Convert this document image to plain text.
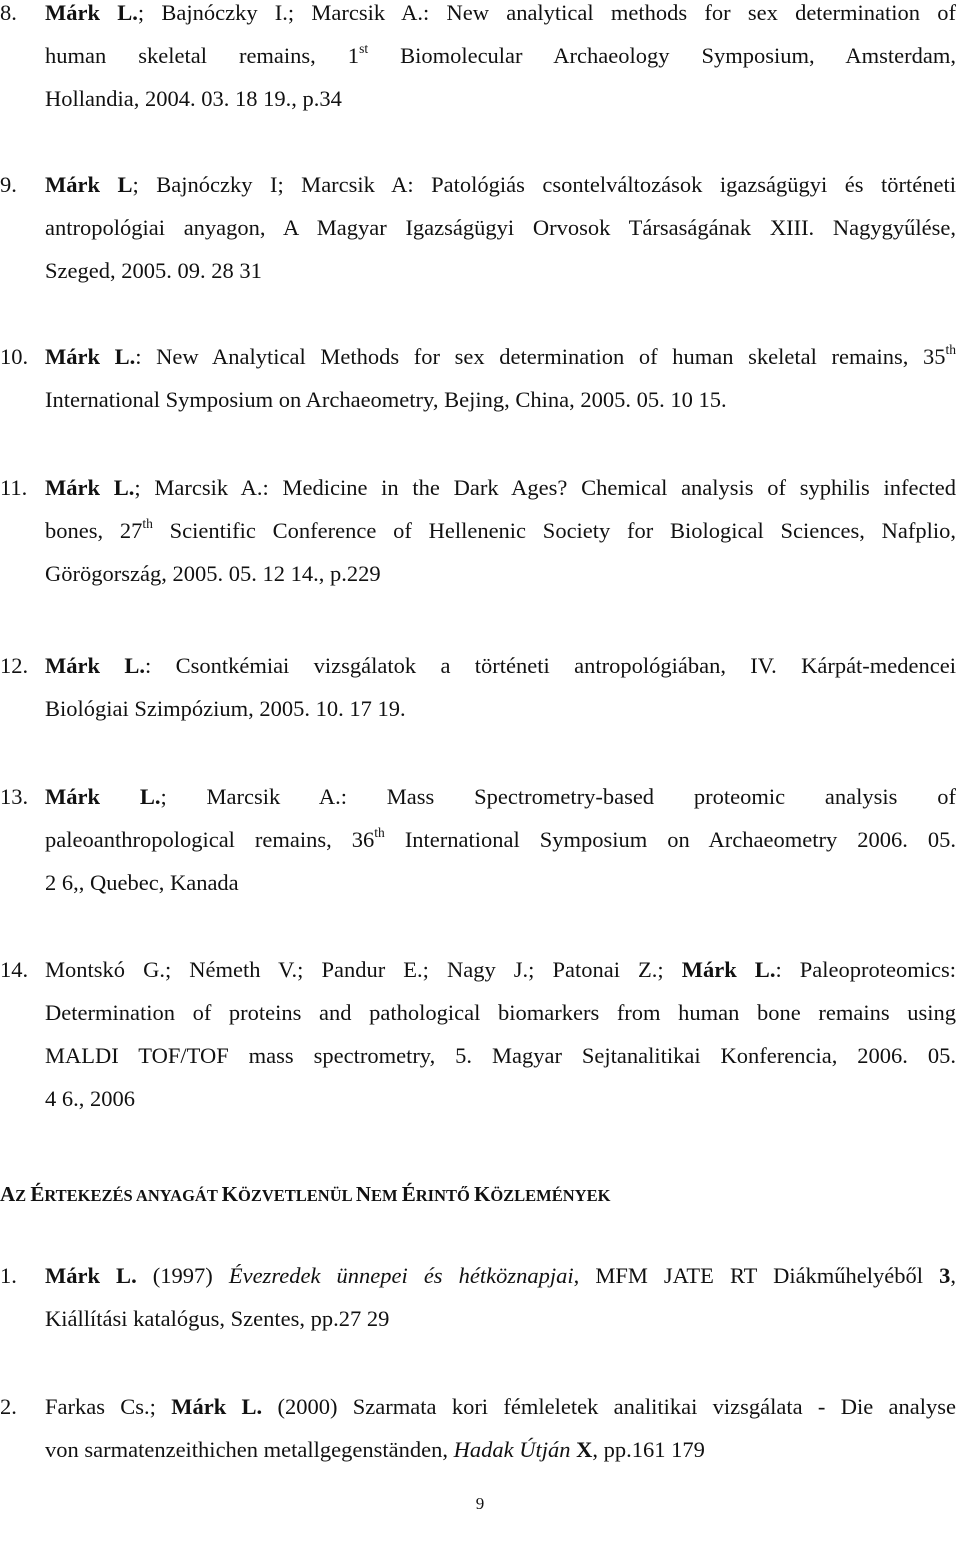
8. Márk L.; Bajnóczky I.; Marcsik A.: New analytical methods for sex determination of
human skeletal remains, 1st Biomolecular Archaeology Symposium, Amsterdam,
Hollandia, 2004. 03. 18 19., p.34
9. Márk L; Bajnóczky I; Marcsik A: Patológiás csontelváltozások igazságügyi és történeti
antropológiai anyagon, A Magyar Igazságügyi Orvosok Társaságának XIII. Nagygyűlése,
Szeged, 2005. 09. 28 31
10. Márk L.: New Analytical Methods for sex determination of human skeletal remains, 35th
International Symposium on Archaeometry, Bejing, China, 2005. 05. 10 15.
11. Márk L.; Marcsik A.: Medicine in the Dark Ages? Chemical analysis of syphilis infected
bones, 27th Scientific Conference of Hellenenic Society for Biological Sciences, Nafplio,
Görögország, 2005. 05. 12 14., p.229
12. Márk L.: Csontkémiai vizsgálatok a történeti antropológiában, IV. Kárpát-medencei
Biológiai Szimpózium, 2005. 10. 17 19.
13. Márk L.; Marcsik A.: Mass Spectrometry-based proteomic analysis of
paleoanthropological remains, 36th International Symposium on Archaeometry 2006. 05.
2 6,, Quebec, Kanada
14. Montskó G.; Németh V.; Pandur E.; Nagy J.; Patonai Z.; Márk L.: Paleoproteomics:
Determination of proteins and pathological biomarkers from human bone remains using
MALDI TOF/TOF mass spectrometry, 5. Magyar Sejtanalitikai Konferencia, 2006. 05.
4 6., 2006
AZ ÉRTEKEZÉS ANYAGÁT KÖZVETLENÜL NEM ÉRINTŐ KÖZLEMÉNYEK
1. Márk L. (1997) Évezredek ünnepei és hétköznapjai, MFM JATE RT Diákműhelyéből 3,
Kiállítási katalógus, Szentes, pp.27 29
2. Farkas Cs.; Márk L. (2000) Szarmata kori fémleletek analitikai vizsgálata - Die analyse
von sarmatenzeithichen metallgegenständen, Hadak Útján X, pp.161 179
9
